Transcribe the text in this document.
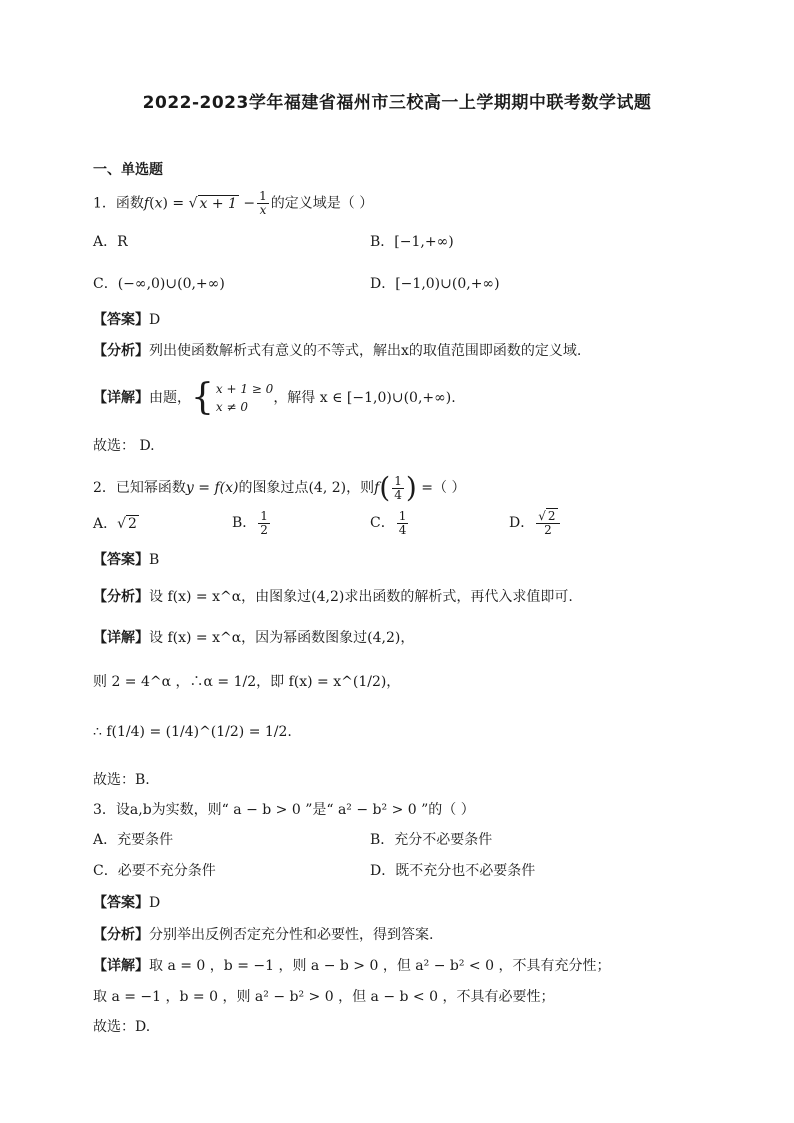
2022-2023学年福建省福州市三校高一上学期期中联考数学试题
一、单选题
1．函数f(x) = √ $x + 1 - \frac{1}{x}$ 的定义域是（ ）
A．R	B．[−1,+∞)
C．(−∞,0)∪(0,+∞)	D．[−1,0)∪(0,+∞)
【答案】D
【分析】列出使函数解析式有意义的不等式，解出x的取值范围即函数的定义域.
【详解】由题，{ x + 1 ≥ 0
x ≠ 0
，解得 x ∈ [−1,0)∪(0,+∞).
故选： D.
2．已知幂函数y = f(x)的图象过点(4, 2)，则$f( \frac{1}{4}$ ) =（ ）
A．√ 2	B． $\frac{1}{2}$	C． $\frac{1}{4}$	D． $\frac{√ 2}{2}$
【答案】B
【分析】设 f(x) = x^α，由图象过(4,2)求出函数的解析式，再代入求值即可.
【详解】设 f(x) = x^α，因为幂函数图象过(4,2)，
则 2 = 4^α ，∴α = 1/2，即 f(x) = x^(1/2)，
∴ f(1/4) = (1/4)^(1/2) = 1/2.
故选：B.
3．设a,b为实数，则“ a − b > 0 ”是“ a² − b² > 0 ”的（ ）
A．充要条件	B．充分不必要条件
C．必要不充分条件	D．既不充分也不必要条件
【答案】D
【分析】分别举出反例否定充分性和必要性，得到答案.
【详解】取 a = 0 ，b = −1 ，则 a − b > 0 ，但 a² − b² < 0 ，不具有充分性；
取 a = −1 ，b = 0 ，则 a² − b² > 0 ，但 a − b < 0 ，不具有必要性；
故选：D.
